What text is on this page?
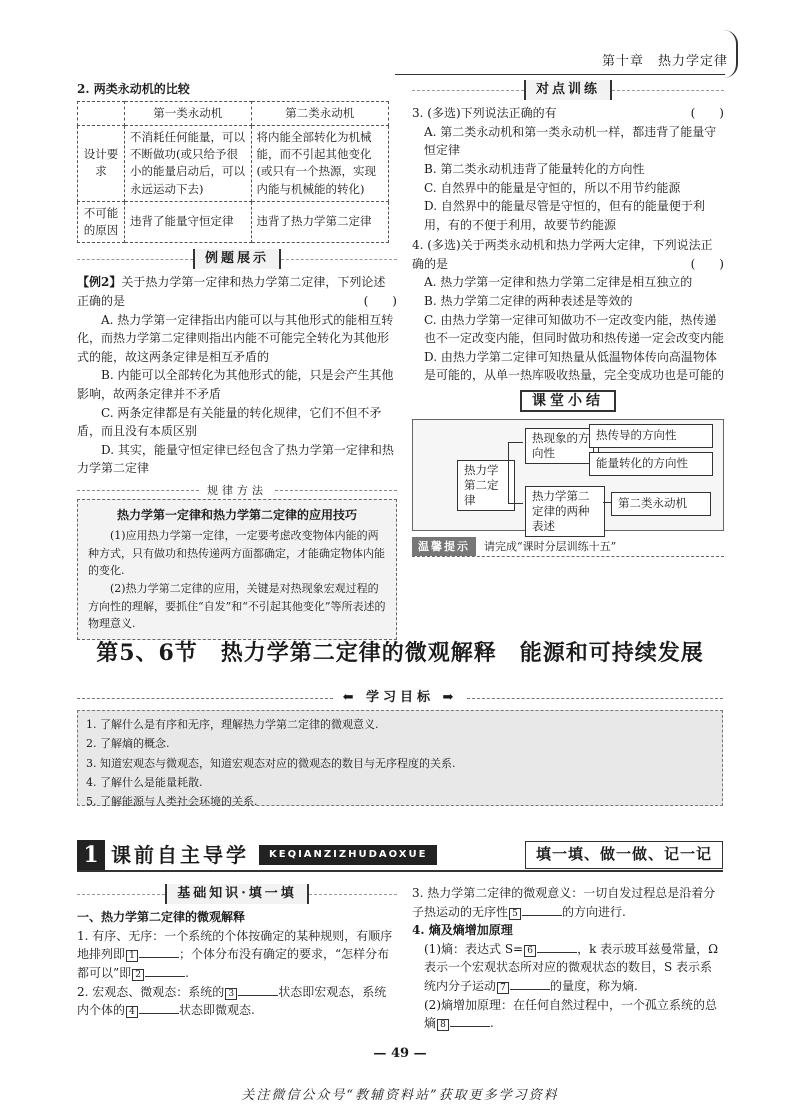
第十章　热力学定律
2. 两类永动机的比较
	第一类永动机	第二类永动机
设计要求	不消耗任何能量，可以不断做功(或只给予很小的能量启动后，可以永远运动下去)	将内能全部转化为机械能，而不引起其他变化(或只有一个热源，实现内能与机械能的转化)
不可能的原因	违背了能量守恒定律	违背了热力学第二定律
例题展示
【例2】关于热力学第一定律和热力学第二定律，下列论述正确的是	(　　)
A. 热力学第一定律指出内能可以与其他形式的能相互转化，而热力学第二定律则指出内能不可能完全转化为其他形式的能，故这两条定律是相互矛盾的
B. 内能可以全部转化为其他形式的能，只是会产生其他影响，故两条定律并不矛盾
C. 两条定律都是有关能量的转化规律，它们不但不矛盾，而且没有本质区别
D. 其实，能量守恒定律已经包含了热力学第一定律和热力学第二定律
规律方法
热力学第一定律和热力学第二定律的应用技巧
(1)应用热力学第一定律，一定要考虑改变物体内能的两种方式，只有做功和热传递两方面都确定，才能确定物体内能的变化.
(2)热力学第二定律的应用，关键是对热现象宏观过程的方向性的理解，要抓住“自发”和“不引起其他变化”等所表述的物理意义.
对点训练
3. (多选)下列说法正确的有	(　　)
A. 第二类永动机和第一类永动机一样，都违背了能量守恒定律
B. 第二类永动机违背了能量转化的方向性
C. 自然界中的能量是守恒的，所以不用节约能源
D. 自然界中的能量尽管是守恒的，但有的能量便于利用，有的不便于利用，故要节约能源
4. (多选)关于两类永动机和热力学两大定律，下列说法正确的是	(　　)
A. 热力学第一定律和热力学第二定律是相互独立的
B. 热力学第二定律的两种表述是等效的
C. 由热力学第一定律可知做功不一定改变内能，热传递也不一定改变内能，但同时做功和热传递一定会改变内能
D. 由热力学第二定律可知热量从低温物体传向高温物体是可能的，从单一热库吸收热量，完全变成功也是可能的
课堂小结
热力学第二定律
热现象的方向性
热传导的方向性
能量转化的方向性
热力学第二定律的两种表述
第二类永动机
温馨提示	请完成“课时分层训练十五”
第5、6节　热力学第二定律的微观解释　能源和可持续发展
⬅ 学习目标 ➡
1. 了解什么是有序和无序，理解热力学第二定律的微观意义.
2. 了解熵的概念.
3. 知道宏观态与微观态，知道宏观态对应的微观态的数目与无序程度的关系.
4. 了解什么是能量耗散.
5. 了解能源与人类社会环境的关系.
1 课前自主导学	KEQIANZIZHUDAOXUE	填一填、做一做、记一记
基础知识·填一填
一、热力学第二定律的微观解释
1. 有序、无序：一个系统的个体按确定的某种规则，有顺序地排列即 1	；个体分布没有确定的要求，“怎样分布都可以”即 2	.
2. 宏观态、微观态：系统的 3	状态即宏观态，系统内个体的 4	状态即微观态.
3. 热力学第二定律的微观意义：一切自发过程总是沿着分子热运动的无序性 5	的方向进行.
4. 熵及熵增加原理
(1)熵：表达式 S= 6	，k 表示玻耳兹曼常量，Ω 表示一个宏观状态所对应的微观状态的数目，S 表示系统内分子运动 7	的量度，称为熵.
(2)熵增加原理：在任何自然过程中，一个孤立系统的总熵 8	.
— 49 —
关注微信公众号“教辅资料站”获取更多学习资料
